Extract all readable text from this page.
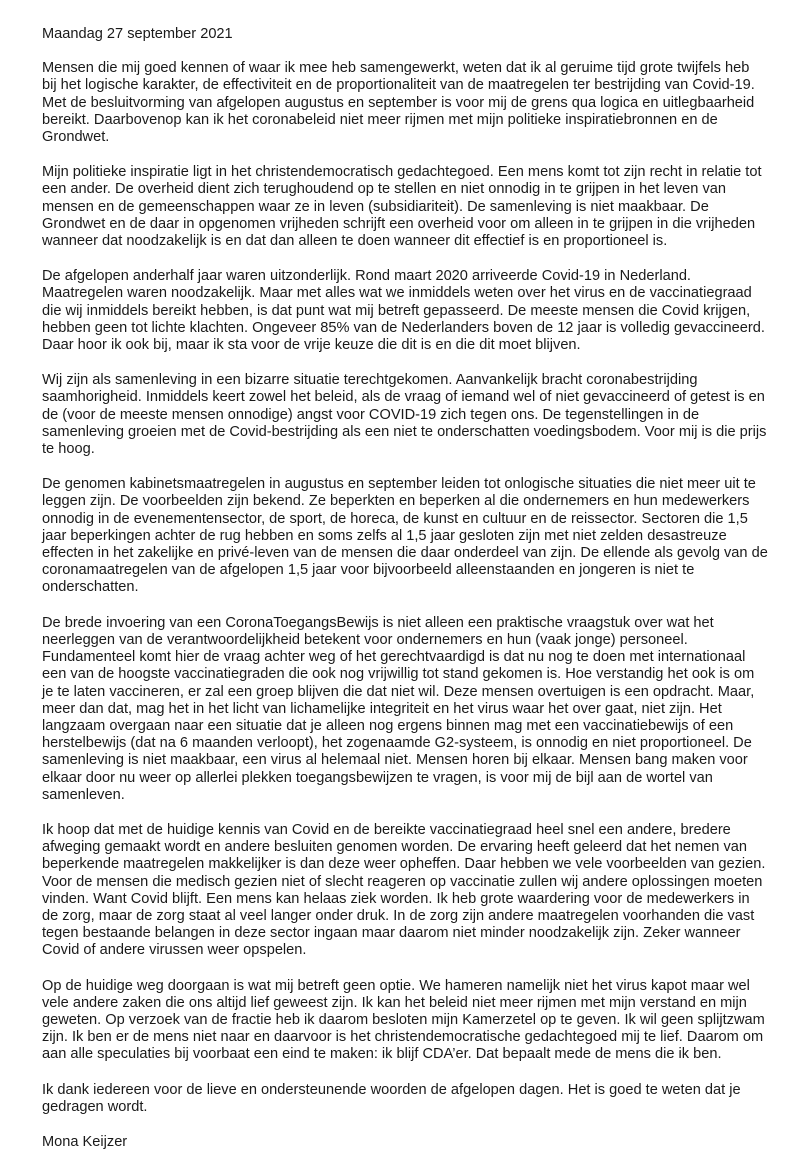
Maandag 27 september 2021

Mensen die mij goed kennen of waar ik mee heb samengewerkt, weten dat ik al geruime tijd grote twijfels heb bij het logische karakter, de effectiviteit en de proportionaliteit van de maatregelen ter bestrijding van Covid-19. Met de besluitvorming van afgelopen augustus en september is voor mij de grens qua logica en uitlegbaarheid bereikt. Daarbovenop kan ik het coronabeleid niet meer rijmen met mijn politieke inspiratiebronnen en de Grondwet.

Mijn politieke inspiratie ligt in het christendemocratisch gedachtegoed. Een mens komt tot zijn recht in relatie tot een ander. De overheid dient zich terughoudend op te stellen en niet onnodig in te grijpen in het leven van mensen en de gemeenschappen waar ze in leven (subsidiariteit). De samenleving is niet maakbaar. De Grondwet en de daar in opgenomen vrijheden schrijft een overheid voor om alleen in te grijpen in die vrijheden wanneer dat noodzakelijk is en dat dan alleen te doen wanneer dit effectief is en proportioneel is.

De afgelopen anderhalf jaar waren uitzonderlijk. Rond maart 2020 arriveerde Covid-19 in Nederland. Maatregelen waren noodzakelijk. Maar met alles wat we inmiddels weten over het virus en de vaccinatiegraad die wij inmiddels bereikt hebben, is dat punt wat mij betreft gepasseerd. De meeste mensen die Covid krijgen, hebben geen tot lichte klachten. Ongeveer 85% van de Nederlanders boven de 12 jaar is volledig gevaccineerd. Daar hoor ik ook bij, maar ik sta voor de vrije keuze die dit is en die dit moet blijven.

Wij zijn als samenleving in een bizarre situatie terechtgekomen. Aanvankelijk bracht coronabestrijding saamhorigheid. Inmiddels keert zowel het beleid, als de vraag of iemand wel of niet gevaccineerd of getest is en de (voor de meeste mensen onnodige) angst voor COVID-19 zich tegen ons. De tegenstellingen in de samenleving groeien met de Covid-bestrijding als een niet te onderschatten voedingsbodem. Voor mij is die prijs te hoog.

De genomen kabinetsmaatregelen in augustus en september leiden tot onlogische situaties die niet meer uit te leggen zijn. De voorbeelden zijn bekend. Ze beperkten en beperken al die ondernemers en hun medewerkers onnodig in de evenementensector, de sport, de horeca, de kunst en cultuur en de reissector. Sectoren die 1,5 jaar beperkingen achter de rug hebben en soms zelfs al 1,5 jaar gesloten zijn met niet zelden desastreuze effecten in het zakelijke en privé-leven van de mensen die daar onderdeel van zijn. De ellende als gevolg van de coronamaatregelen van de afgelopen 1,5 jaar voor bijvoorbeeld alleenstaanden en jongeren is niet te onderschatten.

De brede invoering van een CoronaToegangsBewijs is niet alleen een praktische vraagstuk over wat het neerleggen van de verantwoordelijkheid betekent voor ondernemers en hun (vaak jonge) personeel. Fundamenteel komt hier de vraag achter weg of het gerechtvaardigd is dat nu nog te doen met internationaal een van de hoogste vaccinatiegraden die ook nog vrijwillig tot stand gekomen is. Hoe verstandig het ook is om je te laten vaccineren, er zal een groep blijven die dat niet wil. Deze mensen overtuigen is een opdracht. Maar, meer dan dat, mag het in het licht van lichamelijke integriteit en het virus waar het over gaat, niet zijn. Het langzaam overgaan naar een situatie dat je alleen nog ergens binnen mag met een vaccinatiebewijs of een herstelbewijs (dat na 6 maanden verloopt), het zogenaamde G2-systeem, is onnodig en niet proportioneel. De samenleving is niet maakbaar, een virus al helemaal niet. Mensen horen bij elkaar. Mensen bang maken voor elkaar door nu weer op allerlei plekken toegangsbewijzen te vragen, is voor mij de bijl aan de wortel van samenleven.

Ik hoop dat met de huidige kennis van Covid en de bereikte vaccinatiegraad heel snel een andere, bredere afweging gemaakt wordt en andere besluiten genomen worden. De ervaring heeft geleerd dat het nemen van beperkende maatregelen makkelijker is dan deze weer opheffen. Daar hebben we vele voorbeelden van gezien. Voor de mensen die medisch gezien niet of slecht reageren op vaccinatie zullen wij andere oplossingen moeten vinden. Want Covid blijft. Een mens kan helaas ziek worden. Ik heb grote waardering voor de medewerkers in de zorg, maar de zorg staat al veel langer onder druk. In de zorg zijn andere maatregelen voorhanden die vast tegen bestaande belangen in deze sector ingaan maar daarom niet minder noodzakelijk zijn. Zeker wanneer Covid of andere virussen weer opspelen.

Op de huidige weg doorgaan is wat mij betreft geen optie. We hameren namelijk niet het virus kapot maar wel vele andere zaken die ons altijd lief geweest zijn. Ik kan het beleid niet meer rijmen met mijn verstand en mijn geweten. Op verzoek van de fractie heb ik daarom besloten mijn Kamerzetel op te geven. Ik wil geen splijtzwam zijn. Ik ben er de mens niet naar en daarvoor is het christendemocratische gedachtegoed mij te lief. Daarom om aan alle speculaties bij voorbaat een eind te maken: ik blijf CDA’er. Dat bepaalt mede de mens die ik ben.

Ik dank iedereen voor de lieve en ondersteunende woorden de afgelopen dagen. Het is goed te weten dat je gedragen wordt.

Mona Keijzer
